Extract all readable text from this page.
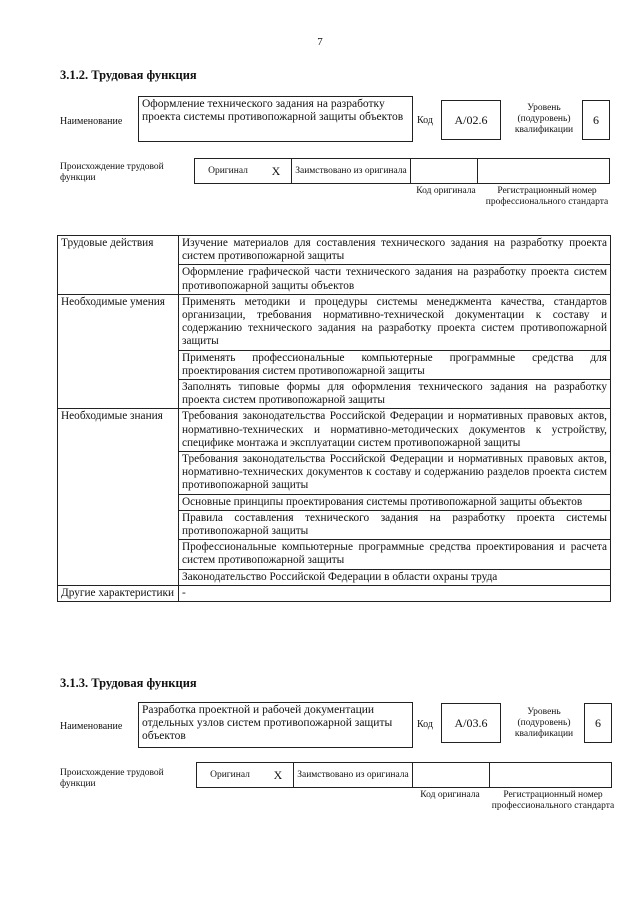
7
3.1.2. Трудовая функция
Наименование
Оформление технического задания на разработку проекта системы противопожарной защиты объектов	Код	A/02.6
Уровень (подуровень) квалификации
6
Происхождение трудовой функции
Оригинал	X	Заимствовано из оригинала
Код оригинала	Регистрационный номер профессионального стандарта
Трудовые действия	Изучение материалов для составления технического задания на разработку проекта систем противопожарной защиты
	Оформление графической части технического задания на разработку проекта систем противопожарной защиты объектов
Необходимые умения	Применять методики и процедуры системы менеджмента качества, стандартов организации, требования нормативно-технической документации к составу и содержанию технического задания на разработку проекта систем противопожарной защиты
	Применять профессиональные компьютерные программные средства для проектирования систем противопожарной защиты
	Заполнять типовые формы для оформления технического задания на разработку проекта систем противопожарной защиты
Необходимые знания	Требования законодательства Российской Федерации и нормативных правовых актов, нормативно-технических и нормативно-методических документов к устройству, специфике монтажа и эксплуатации систем противопожарной защиты
	Требования законодательства Российской Федерации и нормативных правовых актов, нормативно-технических документов к составу и содержанию разделов проекта систем противопожарной защиты
	Основные принципы проектирования системы противопожарной защиты объектов
	Правила составления технического задания на разработку проекта системы противопожарной защиты
	Профессиональные компьютерные программные средства проектирования и расчета систем противопожарной защиты
	Законодательство Российской Федерации в области охраны труда
Другие характеристики	-
3.1.3. Трудовая функция
Наименование
Разработка проектной и рабочей документации отдельных узлов систем противопожарной защиты объектов
Код	A/03.6
Уровень (подуровень) квалификации
6
Происхождение трудовой функции
Оригинал	X	Заимствовано из оригинала
Код оригинала	Регистрационный номер профессионального стандарта
